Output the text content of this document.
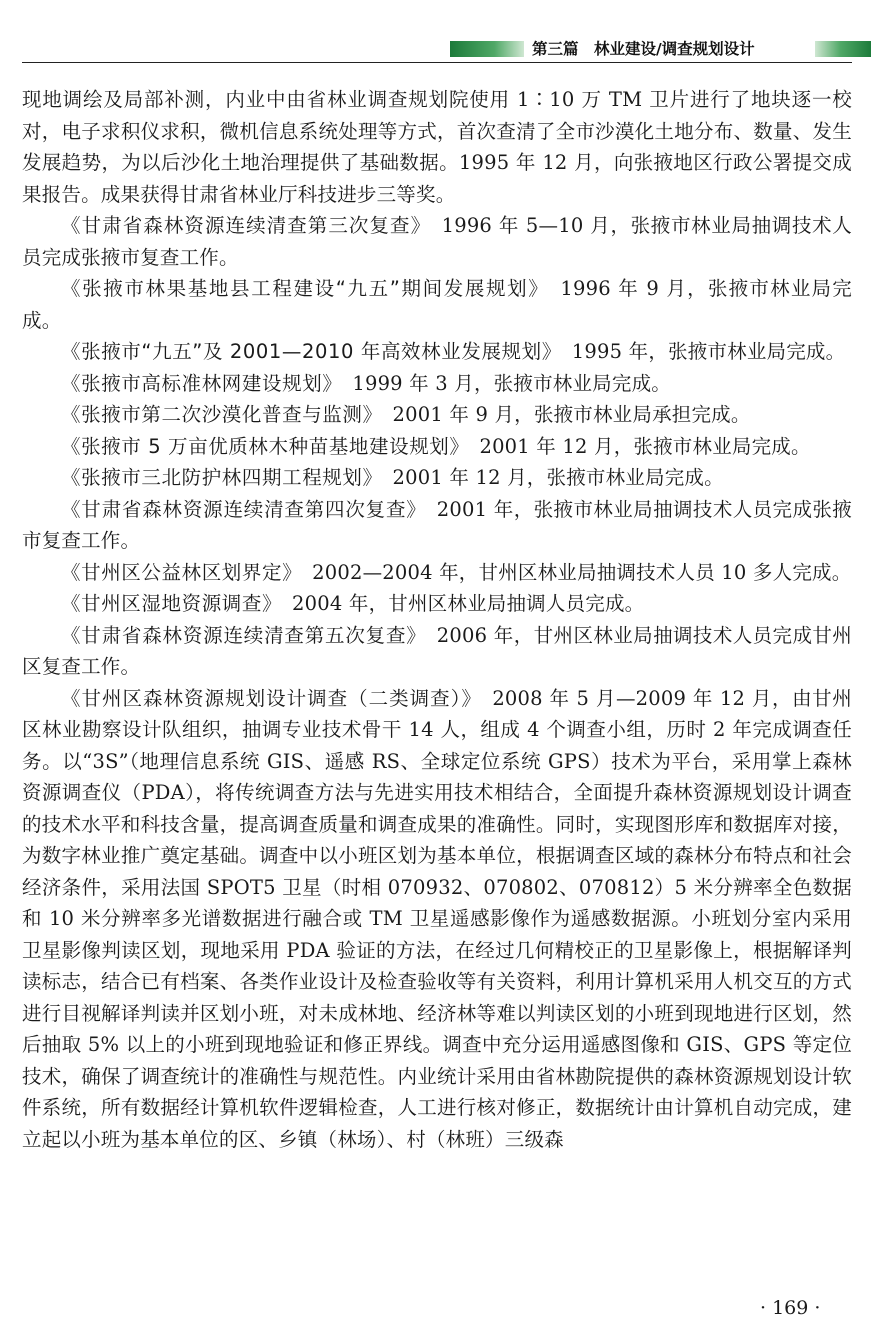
第三篇　林业建设/调查规划设计

现地调绘及局部补测，内业中由省林业调查规划院使用 1∶10 万 TM 卫片进行了地块逐一校对，电子求积仪求积，微机信息系统处理等方式，首次查清了全市沙漠化土地分布、数量、发生发展趋势，为以后沙化土地治理提供了基础数据。1995 年 12 月，向张掖地区行政公署提交成果报告。成果获得甘肃省林业厅科技进步三等奖。

《甘肃省森林资源连续清查第三次复查》　1996 年 5—10 月，张掖市林业局抽调技术人员完成张掖市复查工作。

《张掖市林果基地县工程建设“九五”期间发展规划》　1996 年 9 月，张掖市林业局完成。

《张掖市“九五”及 2001—2010 年高效林业发展规划》　1995 年，张掖市林业局完成。

《张掖市高标准林网建设规划》　1999 年 3 月，张掖市林业局完成。

《张掖市第二次沙漠化普查与监测》　2001 年 9 月，张掖市林业局承担完成。

《张掖市 5 万亩优质林木种苗基地建设规划》　2001 年 12 月，张掖市林业局完成。

《张掖市三北防护林四期工程规划》　2001 年 12 月，张掖市林业局完成。

《甘肃省森林资源连续清查第四次复查》　2001 年，张掖市林业局抽调技术人员完成张掖市复查工作。

《甘州区公益林区划界定》　2002—2004 年，甘州区林业局抽调技术人员 10 多人完成。

《甘州区湿地资源调查》　2004 年，甘州区林业局抽调人员完成。

《甘肃省森林资源连续清查第五次复查》　2006 年，甘州区林业局抽调技术人员完成甘州区复查工作。

《甘州区森林资源规划设计调查（二类调查）》　2008 年 5 月—2009 年 12 月，由甘州区林业勘察设计队组织，抽调专业技术骨干 14 人，组成 4 个调查小组，历时 2 年完成调查任务。以“3S”（地理信息系统 GIS、遥感 RS、全球定位系统 GPS）技术为平台，采用掌上森林资源调查仪（PDA），将传统调查方法与先进实用技术相结合，全面提升森林资源规划设计调查的技术水平和科技含量，提高调查质量和调查成果的准确性。同时，实现图形库和数据库对接，为数字林业推广奠定基础。调查中以小班区划为基本单位，根据调查区域的森林分布特点和社会经济条件，采用法国 SPOT5 卫星（时相 070932、070802、070812）5 米分辨率全色数据和 10 米分辨率多光谱数据进行融合或 TM 卫星遥感影像作为遥感数据源。小班划分室内采用卫星影像判读区划，现地采用 PDA 验证的方法，在经过几何精校正的卫星影像上，根据解译判读标志，结合已有档案、各类作业设计及检查验收等有关资料，利用计算机采用人机交互的方式进行目视解译判读并区划小班，对未成林地、经济林等难以判读区划的小班到现地进行区划，然后抽取 5% 以上的小班到现地验证和修正界线。调查中充分运用遥感图像和 GIS、GPS 等定位技术，确保了调查统计的准确性与规范性。内业统计采用由省林勘院提供的森林资源规划设计软件系统，所有数据经计算机软件逻辑检查，人工进行核对修正，数据统计由计算机自动完成，建立起以小班为基本单位的区、乡镇（林场）、村（林班）三级森

· 169 ·
